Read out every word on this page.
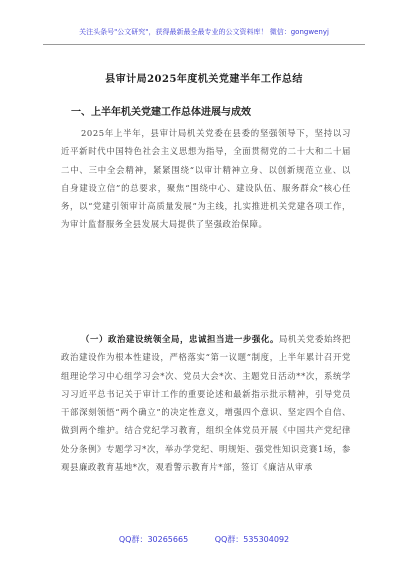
关注头条号"公文研究"，获得最新最全最专业的公文资料库！ 微信：gongwenyj
县审计局2025年度机关党建半年工作总结
一、上半年机关党建工作总体进展与成效

2025年上半年，县审计局机关党委在县委的坚强领导下，坚持以习近平新时代中国特色社会主义思想为指导，全面贯彻党的二十大和二十届二中、三中全会精神，紧紧围绕“以审计精神立身、以创新规范立业、以自身建设立信”的总要求，聚焦“围绕中心、建设队伍、服务群众”核心任务，以“党建引领审计高质量发展”为主线，扎实推进机关党建各项工作，为审计监督服务全县发展大局提供了坚强政治保障。

（一）政治建设统领全局，忠诚担当进一步强化。局机关党委始终把政治建设作为根本性建设，严格落实“第一议题”制度，上半年累计召开党组理论学习中心组学习会*次、党员大会*次、主题党日活动**次，系统学习习近平总书记关于审计工作的重要论述和最新指示批示精神，引导党员干部深刻领悟“两个确立”的决定性意义，增强四个意识、坚定四个自信、做到两个维护。结合党纪学习教育，组织全体党员开展《中国共产党纪律处分条例》专题学习*次，举办学党纪、明规矩、强党性知识竞赛1场，参观县廉政教育基地*次，观看警示教育片*部，签订《廉洁从审承

QQ群：30265665	QQ群：535304092
